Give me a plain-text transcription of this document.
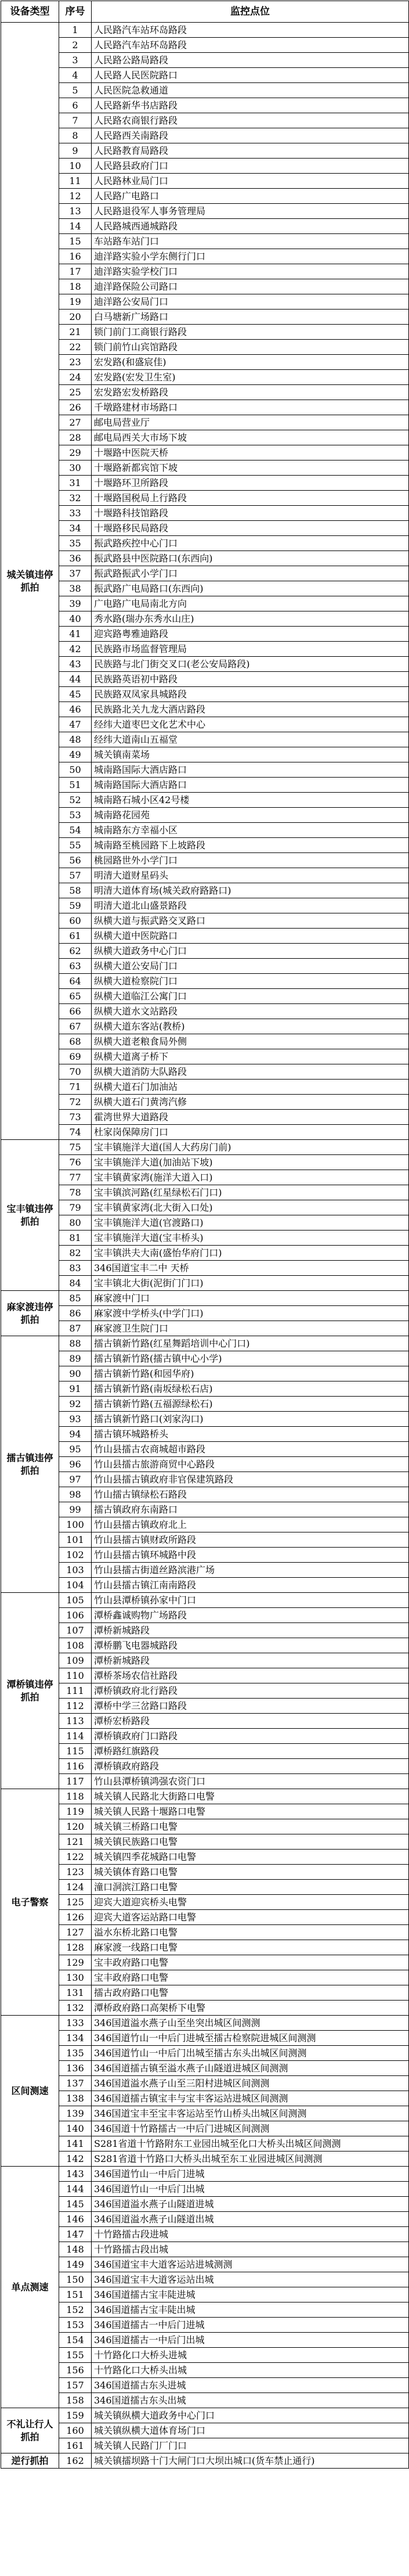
设备类型	序号	监控点位
城关镇违停抓拍	1	人民路汽车站环岛路段
	2	人民路汽车站环岛路段
	3	人民路公路局路段
	4	人民路人民医院路口
	5	人民医院急救通道
	6	人民路新华书店路段
	7	人民路农商银行路段
	8	人民路西关南路段
	9	人民路教育局路段
	10	人民路县政府门口
	11	人民路林业局门口
	12	人民路广电路口
	13	人民路退役军人事务管理局
	14	人民路城西通城路段
	15	车站路车站门口
	16	迪洋路实验小学东侧行门口
	17	迪洋路实验学校门口
	18	迪洋路保险公司路口
	19	迪洋路公安局门口
	20	白马塘新广场路口
	21	锁门前门工商银行路段
	22	锁门前竹山宾馆路段
	23	宏发路(和盛宸佳)
	24	宏发路(宏发卫生室)
	25	宏发路宏发桥路段
	26	千墩路建材市场路口
	27	邮电局营业厅
	28	邮电局西关大市场下坡
	29	十堰路中医院天桥
	30	十堰路新都宾馆下坡
	31	十堰路环卫所路段
	32	十堰路国税局上行路段
	33	十堰路科技馆路段
	34	十堰路移民局路段
	35	振武路疾控中心门口
	36	振武路县中医院路口(东西向)
	37	振武路振武小学门口
	38	振武路广电局路口(东西向)
	39	广电路广电局南北方向
	40	秀水路(瑞办东秀水山庄)
	41	迎宾路粤雅迪路段
	42	民族路市场监督管理局
	43	民族路与北门街交叉口(老公安局路段)
	44	民族路英语初中路段
	45	民族路双凤家具城路段
	46	民族路北关九龙大酒店路段
	47	经纬大道枣巴文化艺术中心
	48	经纬大道南山五福堂
	49	城关镇南菜场
	50	城南路国际大酒店路口
	51	城南路国际大酒店路口
	52	城南路石城小区42号楼
	53	城南路花园苑
	54	城南路东方幸福小区
	55	城南路至桃园路下上坡路段
	56	桃园路世外小学门口
	57	明清大道财星码头
	58	明清大道体育场(城关政府路路口)
	59	明清大道北山盛景路段
	60	纵横大道与振武路交叉路口
	61	纵横大道中医院路口
	62	纵横大道政务中心门口
	63	纵横大道公安局门口
	64	纵横大道检察院门口
	65	纵横大道临江公寓门口
	66	纵横大道水文站路段
	67	纵横大道东客站(教桥)
	68	纵横大道老粮食局外侧
	69	纵横大道离子桥下
	70	纵横大道消防大队路段
	71	纵横大道石门加油站
	72	纵横大道石门黄湾汽修
	73	霍湾世界大道路段
	74	杜家岗保障房门口
宝丰镇违停抓拍	75	宝丰镇施洋大道(国人大药房门前)
	76	宝丰镇施洋大道(加油站下坡)
	77	宝丰镇黄家湾(施洋大道入口)
	78	宝丰镇滨河路(红星绿松石门口)
	79	宝丰镇黄家湾(北大街入口处)
	80	宝丰镇施洋大道(官渡路口)
	81	宝丰镇施洋大道(宝丰桥头)
	82	宝丰镇洪夫大南(盛怡华府门口)
	83	346国道宝丰二中 天桥
	84	宝丰镇北大街(泥街门门口)
麻家渡违停抓拍	85	麻家渡中门口
	86	麻家渡中学桥头(中学门口)
	87	麻家渡卫生院门口
擂古镇违停抓拍	88	擂古镇新竹路(红星舞蹈培训中心门口)
	89	擂古镇新竹路(擂古镇中心小学)
	90	擂古镇新竹路(和园华府)
	91	擂古镇新竹路(南坂绿松石店)
	92	擂古镇新竹路(五福源绿松石)
	93	擂古镇新竹路口(刘家沟口)
	94	擂古镇环城路桥头
	95	竹山县擂古农商城超市路段
	96	竹山县擂古旅游商贸中心路段
	97	竹山县擂古镇政府非官保建筑路段
	98	竹山擂古镇绿松石路段
	99	擂古镇政府东南路口
	100	竹山县擂古镇政府北上
	101	竹山县擂古镇财政所路段
	102	竹山县擂古镇环城路中段
	103	竹山县擂古街道丝路滨港广场
	104	竹山县擂古镇江南南路段
潭桥镇违停抓拍	105	竹山县潭桥镇孙家中门口
	106	潭桥鑫诚购物广场路段
	107	潭桥新城路段
	108	潭桥鹏飞电器城路段
	109	潭桥新城路段
	110	潭桥茶场农信社路段
	111	潭桥镇政府北行路段
	112	潭桥中学三岔路口路段
	113	潭桥宏桥路段
	114	潭桥镇政府门口路段
	115	潭桥路红旗路段
	116	潭桥镇政府路段
	117	竹山县潭桥镇鸿强农资门口
电子警察	118	城关镇人民路北大街路口电警
	119	城关镇人民路十堰路口电警
	120	城关镇三桥路口电警
	121	城关镇民族路口电警
	122	城关镇四季花城路口电警
	123	城关镇体育路口电警
	124	潼口洞滨江路口电警
	125	迎宾大道迎宾桥头电警
	126	迎宾大道客运站路口电警
	127	溢水东桥北路口电警
	128	麻家渡一线路口电警
	129	宝丰政府路口电警
	130	宝丰政府路口电警
	131	擂古政府路口电警
	132	潭桥政府路口高架桥下电警
区间测速	133	346国道溢水燕子山至坐突出城区间测测
	134	346国道竹山一中后门进城至擂古检察院进城区间测测
	135	346国道竹山一中后门出城至擂古东头出城区间测测
	136	346国道擂古镇至溢水燕子山隧道进城区间测测
	137	346国道溢水燕子山至三阳村进城区间测测
	138	346国道擂古镇宝丰与宝丰客运站进城区间测测
	139	346国道宝丰至宝丰客运站至竹山桥头出城区间测测
	140	346国道十竹路擂古一中后门进城区间测测
	141	S281省道十竹路附东工业园出城至化口大桥头出城区间测测
	142	S281省道十竹路口大桥头出城至东工业园进城区间测测
单点测速	143	346国道竹山一中后门进城
	144	346国道竹山一中后门出城
	145	346国道溢水燕子山隧道进城
	146	346国道溢水燕子山隧道出城
	147	十竹路擂古段进城
	148	十竹路擂古段出城
	149	346国道宝丰大道客运站进城测测
	150	346国道宝丰大道客运站出城
	151	346国道擂古宝丰陡进城
	152	346国道擂古宝丰陡出城
	153	346国道擂古一中后门进城
	154	346国道擂古一中后门出城
	155	十竹路化口大桥头进城
	156	十竹路化口大桥头出城
	157	346国道擂古东头进城
	158	346国道擂古东头出城
不礼让行人抓拍	159	城关镇纵横大道政务中心门口
	160	城关镇纵横大道体育场门口
	161	城关镇人民路门厂门口
逆行抓拍	162	城关镇擂坝路十门大闸门口大坝出城口(货车禁止通行)
